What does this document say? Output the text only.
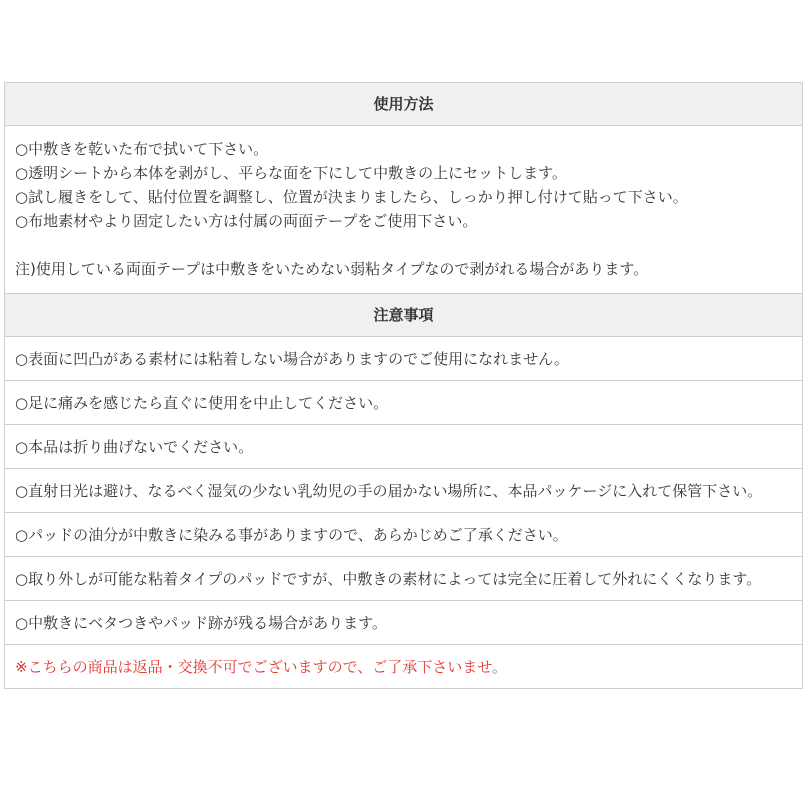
使用方法
○中敷きを乾いた布で拭いて下さい。
○透明シートから本体を剥がし、平らな面を下にして中敷きの上にセットします。
○試し履きをして、貼付位置を調整し、位置が決まりましたら、しっかり押し付けて貼って下さい。
○布地素材やより固定したい方は付属の両面テープをご使用下さい。
注)使用している両面テープは中敷きをいためない弱粘タイプなので剥がれる場合があります。
注意事項
○表面に凹凸がある素材には粘着しない場合がありますのでご使用になれません。
○足に痛みを感じたら直ぐに使用を中止してください。
○本品は折り曲げないでください。
○直射日光は避け、なるべく湿気の少ない乳幼児の手の届かない場所に、本品パッケージに入れて保管下さい。
○パッドの油分が中敷きに染みる事がありますので、あらかじめご了承ください。
○取り外しが可能な粘着タイプのパッドですが、中敷きの素材によっては完全に圧着して外れにくくなります。
○中敷きにベタつきやパッド跡が残る場合があります。
※こちらの商品は返品・交換不可でございますので、ご了承下さいませ。
